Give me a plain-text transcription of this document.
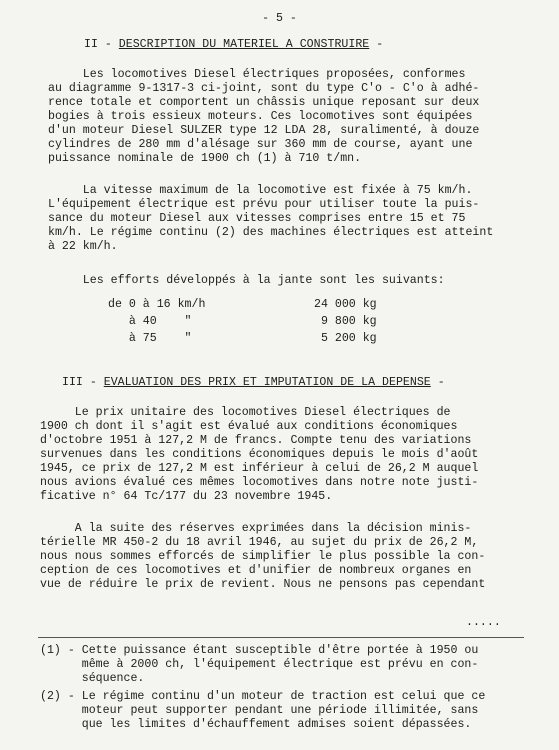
- 5 -
II - DESCRIPTION DU MATERIEL A CONSTRUIRE -
Les locomotives Diesel électriques proposées, conformes
au diagramme 9-1317-3 ci-joint, sont du type C'o - C'o à adhé-
rence totale et comportent un châssis unique reposant sur deux
bogies à trois essieux moteurs. Ces locomotives sont équipées
d'un moteur Diesel SULZER type 12 LDA 28, suralimenté, à douze
cylindres de 280 mm d'alésage sur 360 mm de course, ayant une
puissance nominale de 1900 ch (1) à 710 t/mn.
La vitesse maximum de la locomotive est fixée à 75 km/h.
L'équipement électrique est prévu pour utiliser toute la puis-
sance du moteur Diesel aux vitesses comprises entre 15 et 75
km/h. Le régime continu (2) des machines électriques est atteint
à 22 km/h.
Les efforts développés à la jante sont les suivants:
de 0 à 16 km/h	24 000 kg
à 40    "	9 800 kg
à 75    "	5 200 kg
III - EVALUATION DES PRIX ET IMPUTATION DE LA DEPENSE -
Le prix unitaire des locomotives Diesel électriques de
1900 ch dont il s'agit est évalué aux conditions économiques
d'octobre 1951 à 127,2 M de francs. Compte tenu des variations
survenues dans les conditions économiques depuis le mois d'août
1945, ce prix de 127,2 M est inférieur à celui de 26,2 M auquel
nous avions évalué ces mêmes locomotives dans notre note justi-
ficative n° 64 Tc/177 du 23 novembre 1945.
A la suite des réserves exprimées dans la décision minis-
térielle MR 450-2 du 18 avril 1946, au sujet du prix de 26,2 M,
nous nous sommes efforcés de simplifier le plus possible la con-
ception de ces locomotives et d'unifier de nombreux organes en
vue de réduire le prix de revient. Nous ne pensons pas cependant
.....
(1) - Cette puissance étant susceptible d'être portée à 1950 ou
même à 2000 ch, l'équipement électrique est prévu en con-
séquence.
(2) - Le régime continu d'un moteur de traction est celui que ce
moteur peut supporter pendant une période illimitée, sans
que les limites d'échauffement admises soient dépassées.
